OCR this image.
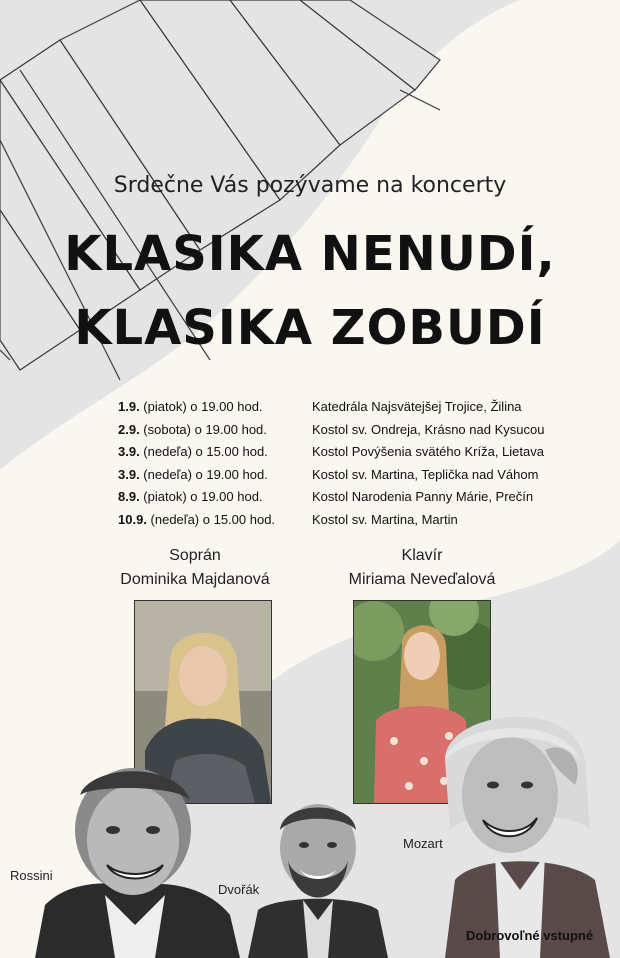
Srdečne Vás pozývame na koncerty
KLASIKA NENUDÍ,
KLASIKA ZOBUDÍ
1.9. (piatok) o 19.00 hod.	Katedrála Najsvätejšej Trojice, Žilina
2.9. (sobota) o 19.00 hod.	Kostol sv. Ondreja, Krásno nad Kysucou
3.9. (nedeľa) o 15.00 hod.	Kostol Povýšenia svätého Kríža, Lietava
3.9. (nedeľa) o 19.00 hod.	Kostol sv. Martina, Teplička nad Váhom
8.9. (piatok) o 19.00 hod.	Kostol Narodenia Panny Márie, Prečín
10.9. (nedeľa) o 15.00 hod.	Kostol sv. Martina, Martin
Soprán
Dominika Majdanová
Klavír
Miriama Neveďalová
Rossini
Dvořák
Mozart
Dobrovoľné vstupné
